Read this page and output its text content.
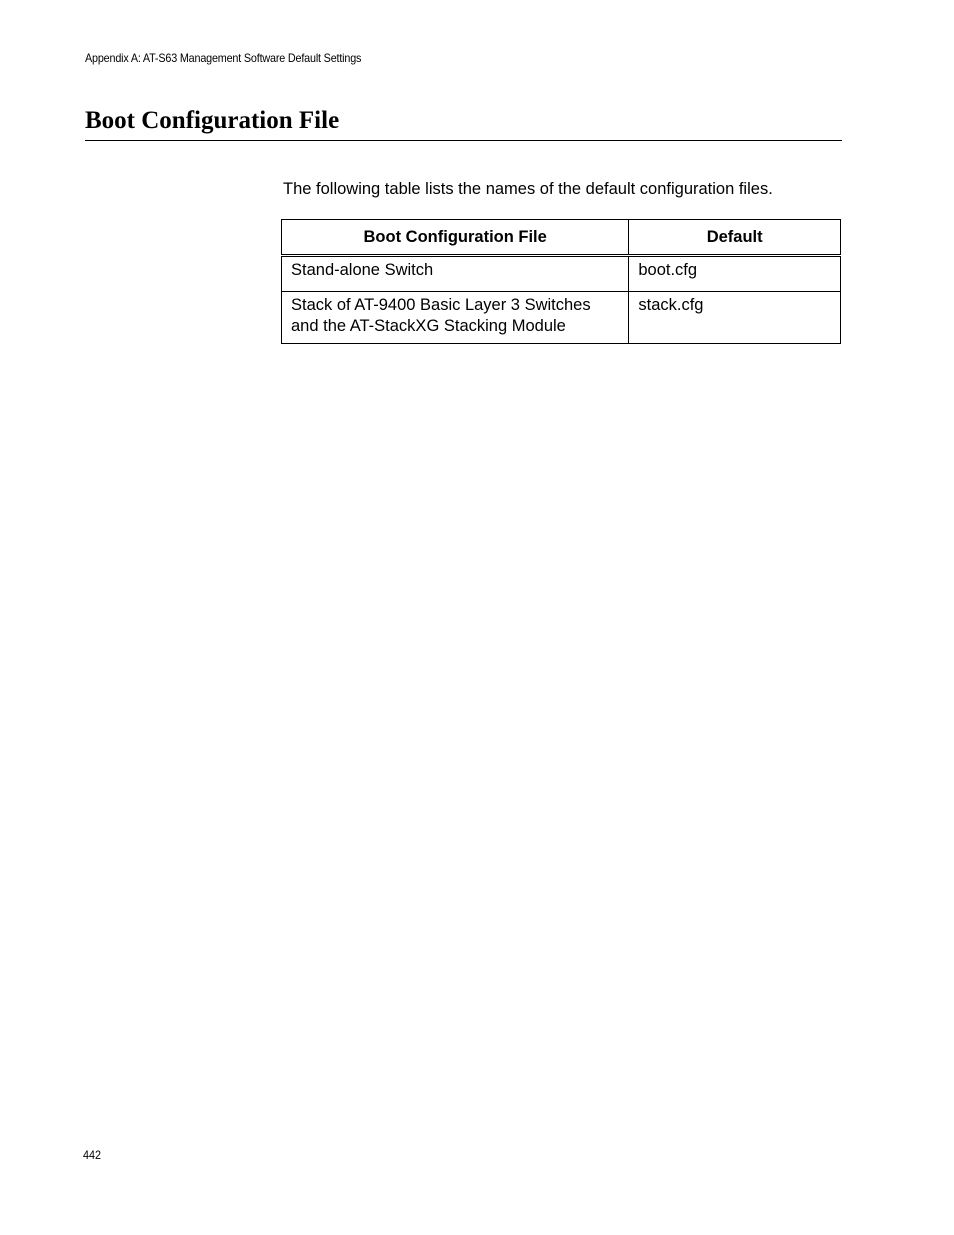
Appendix A: AT-S63 Management Software Default Settings
Boot Configuration File

The following table lists the names of the default configuration files.

Boot Configuration File	Default
Stand-alone Switch	boot.cfg

Stack of AT-9400 Basic Layer 3 Switches
and the AT-StackXG Stacking Module	stack.cfg
442
